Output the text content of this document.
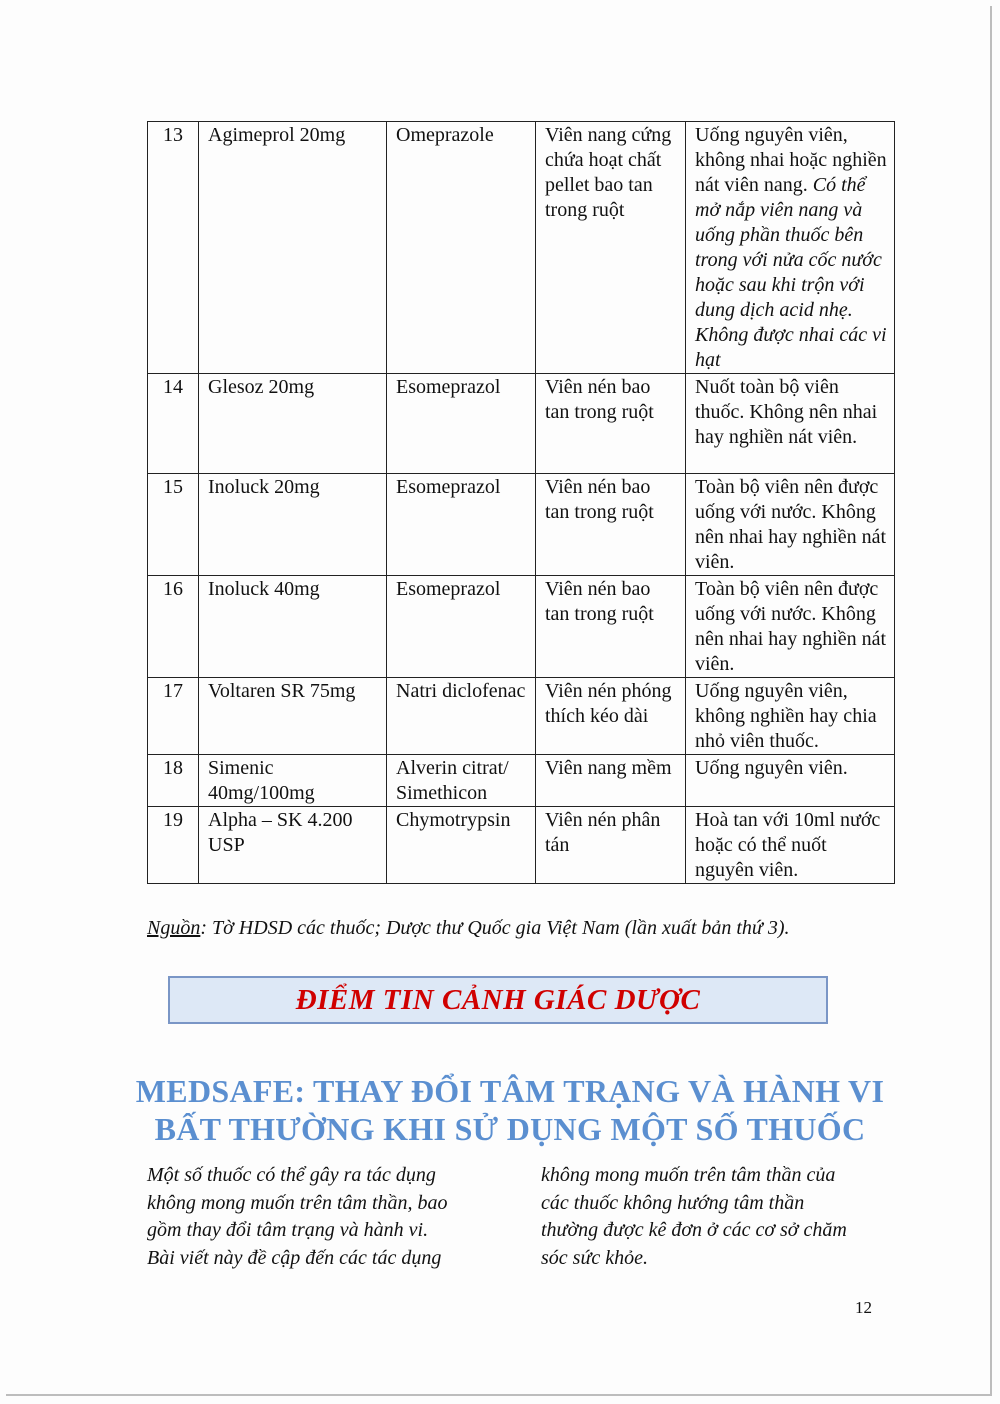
13	Agimeprol 20mg	Omeprazole	Viên nang cứng chứa hoạt chất pellet bao tan trong ruột	Uống nguyên viên, không nhai hoặc nghiền nát viên nang. Có thể mở nắp viên nang và uống phần thuốc bên trong với nửa cốc nước hoặc sau khi trộn với dung dịch acid nhẹ. Không được nhai các vi hạt
14	Glesoz 20mg	Esomeprazol	Viên nén bao tan trong ruột	Nuốt toàn bộ viên thuốc. Không nên nhai hay nghiền nát viên.
15	Inoluck 20mg	Esomeprazol	Viên nén bao tan trong ruột	Toàn bộ viên nên được uống với nước. Không nên nhai hay nghiền nát viên.
16	Inoluck 40mg	Esomeprazol	Viên nén bao tan trong ruột	Toàn bộ viên nên được uống với nước. Không nên nhai hay nghiền nát viên.
17	Voltaren SR 75mg	Natri diclofenac	Viên nén phóng thích kéo dài	Uống nguyên viên, không nghiền hay chia nhỏ viên thuốc.
18	Simenic 40mg/100mg	Alverin citrat/ Simethicon	Viên nang mềm	Uống nguyên viên.
19	Alpha – SK 4.200 USP	Chymotrypsin	Viên nén phân tán	Hoà tan với 10ml nước hoặc có thể nuốt nguyên viên.
Nguồn: Tờ HDSD các thuốc; Dược thư Quốc gia Việt Nam (lần xuất bản thứ 3).
ĐIỂM TIN CẢNH GIÁC DƯỢC
MEDSAFE: THAY ĐỔI TÂM TRẠNG VÀ HÀNH VI
BẤT THƯỜNG KHI SỬ DỤNG MỘT SỐ THUỐC
Một số thuốc có thể gây ra tác dụng
không mong muốn trên tâm thần, bao
gồm thay đổi tâm trạng và hành vi.
Bài viết này đề cập đến các tác dụng
không mong muốn trên tâm thần của
các thuốc không hướng tâm thần
thường được kê đơn ở các cơ sở chăm
sóc sức khỏe.
12
